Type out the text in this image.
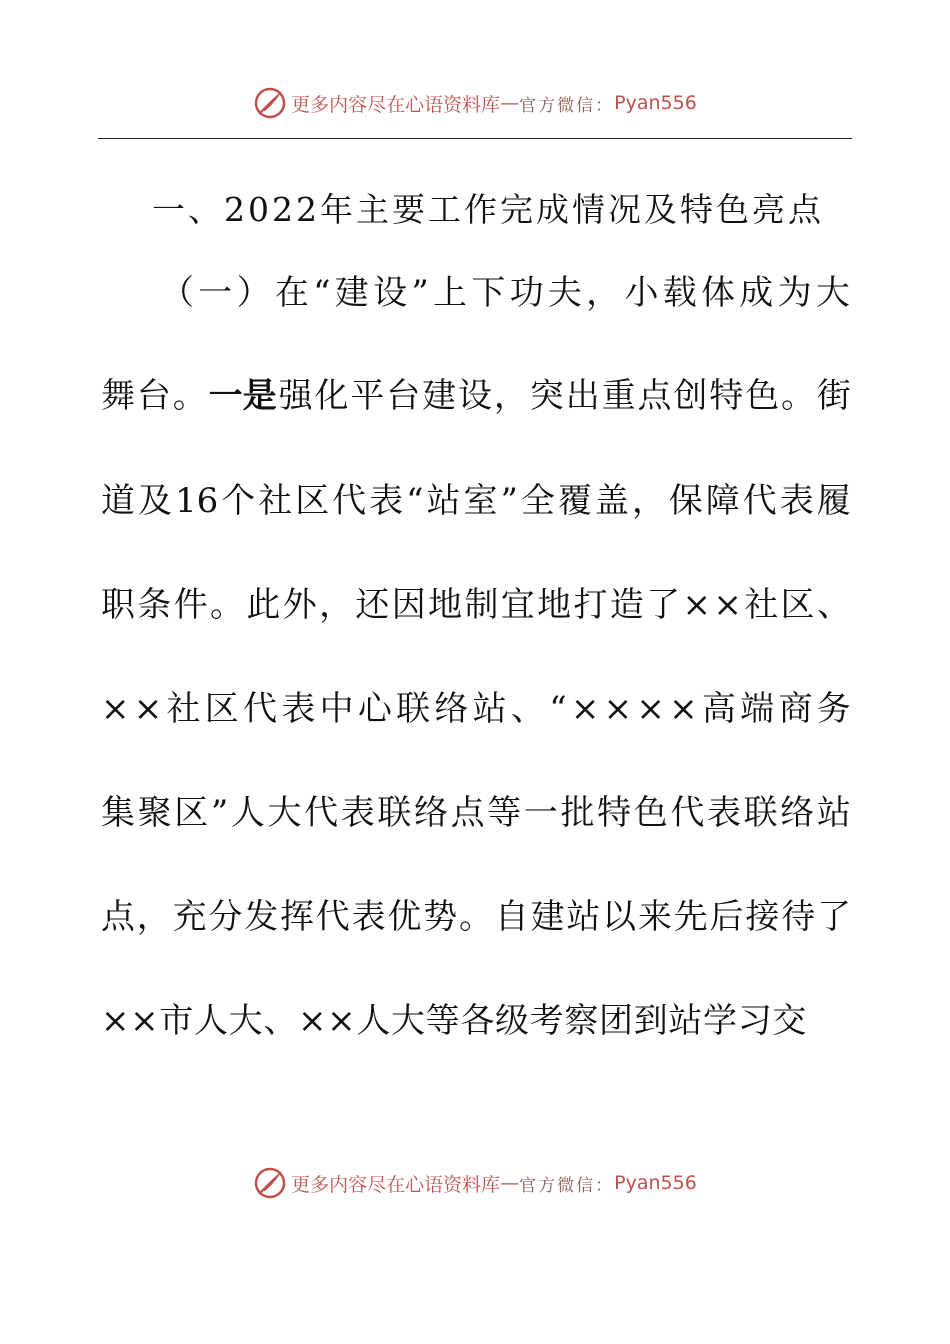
更多内容尽在心语资料库 — 官方微信： Pyan556
一、2022年主要工作完成情况及特色亮点
（ 一 ） 在 “ 建 设 ” 上 下 功 夫 ， 小 载 体 成 为 大
舞 台 。 一是 强 化 平 台 建 设 ， 突 出 重 点 创 特 色 。 街
道 及 16 个 社 区 代 表 “ 站 室 ” 全 覆 盖 ， 保 障 代 表 履
职 条 件 。 此 外 ， 还 因 地 制 宜 地 打 造 了 × × 社 区 、
× × 社 区 代 表 中 心 联 络 站 、 “ × × × × 高 端 商 务
集 聚 区 ” 人 大 代 表 联 络 点 等 一 批 特 色 代 表 联 络 站
点 ， 充 分 发 挥 代 表 优 势 。 自 建 站 以 来 先 后 接 待 了
× × 市 人 大 、 × × 人 大 等 各 级 考 察 团 到 站 学 习 交
更多内容尽在心语资料库 — 官方微信： Pyan556
